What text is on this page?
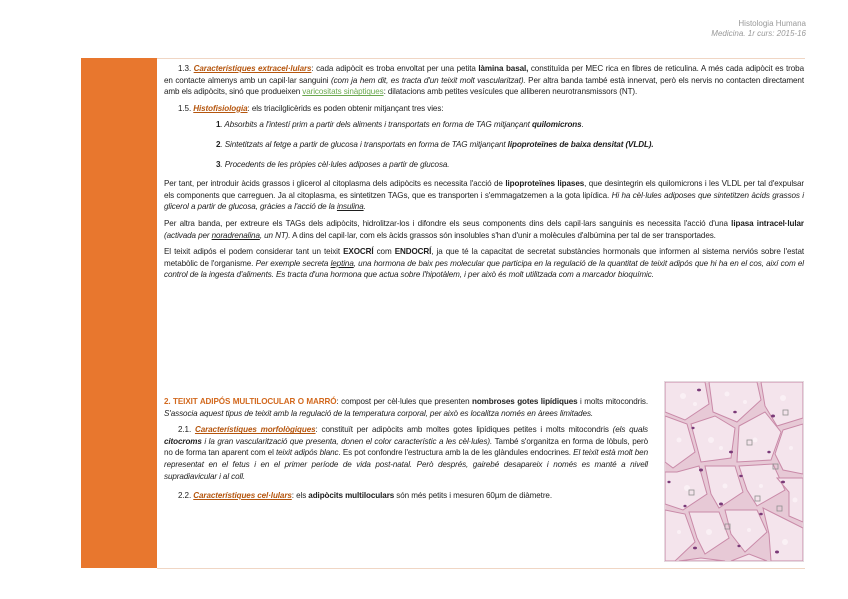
Histologia Humana
Medicina. 1r curs: 2015-16

1.3. Característiques extracel·lulars: cada adipòcit es troba envoltat per una petita làmina basal, constituïda per MEC rica en fibres de reticulina. A més cada adipòcit es troba en contacte almenys amb un capil·lar sanguini (com ja hem dit, es tracta d'un teixit molt vascularitzat). Per altra banda també està innervat, però els nervis no contacten directament amb els adipòcits, sinó que produeixen varicositats sinàptiques: dilatacions amb petites vesícules que alliberen neurotransmissors (NT).

1.5. Histofisiologia: els triacilglicèrids es poden obtenir mitjançant tres vies:

1. Absorbits a l'intestí prim a partir dels aliments i transportats en forma de TAG mitjançant quilomicrons.

2. Sintetitzats al fetge a partir de glucosa i transportats en forma de TAG mitjançant lipoproteïnes de baixa densitat (VLDL).

3. Procedents de les pròpies cèl·lules adiposes a partir de glucosa.

Per tant, per introduir àcids grassos i glicerol al citoplasma dels adipòcits es necessita l'acció de lipoproteïnes lipases, que desintegrin els quilomicrons i les VLDL per tal d'expulsar els components que carreguen. Ja al citoplasma, es sintetitzen TAGs, que es transporten i s'emmagatzemen a la gota lipídica. Hi ha cèl·lules adiposes que sintetitzen àcids grassos i glicerol a partir de glucosa, gràcies a l'acció de la insulina.

Per altra banda, per extreure els TAGs dels adipòcits, hidrolitzar-los i difondre els seus components dins dels capil·lars sanguinis es necessita l'acció d'una lipasa intracel·lular (activada per noradrenalina, un NT). A dins del capil·lar, com els àcids grassos són insolubles s'han d'unir a molècules d'albúmina per tal de ser transportades.

El teixit adipós el podem considerar tant un teixit EXOCRÍ com ENDOCRÍ, ja que té la capacitat de secretat substàncies hormonals que informen al sistema nerviós sobre l'estat metabòlic de l'organisme. Per exemple secreta leptina, una hormona de baix pes molecular que participa en la regulació de la quantitat de teixit adipós que hi ha en el cos, així com el control de la ingesta d'aliments. Es tracta d'una hormona que actua sobre l'hipotàlem, i per això és molt utilitzada com a marcador bioquímic.

2. TEIXIT ADIPÓS MULTILOCULAR O MARRÓ: compost per cèl·lules que presenten nombroses gotes lipídiques i molts mitocondris. S'associa aquest tipus de teixit amb la regulació de la temperatura corporal, per això es localitza només en àrees limitades.

2.1. Característiques morfològiques: constituït per adipòcits amb moltes gotes lipídiques petites i molts mitocondris (els quals citocroms i la gran vascularització que presenta, donen el color característic a les cèl·lules). També s'organitza en forma de lòbuls, però no de forma tan aparent com el teixit adipós blanc. Es pot confondre l'estructura amb la de les glàndules endocrines. El teixit està molt ben representat en el fetus i en el primer període de vida post-natal. Però després, gairebé desapareix i només es manté a nivell supradiavicular i al coll.

2.2. Característiques cel·lulars: els adipòcits multiloculars són més petits i mesuren 60µm de diàmetre.
